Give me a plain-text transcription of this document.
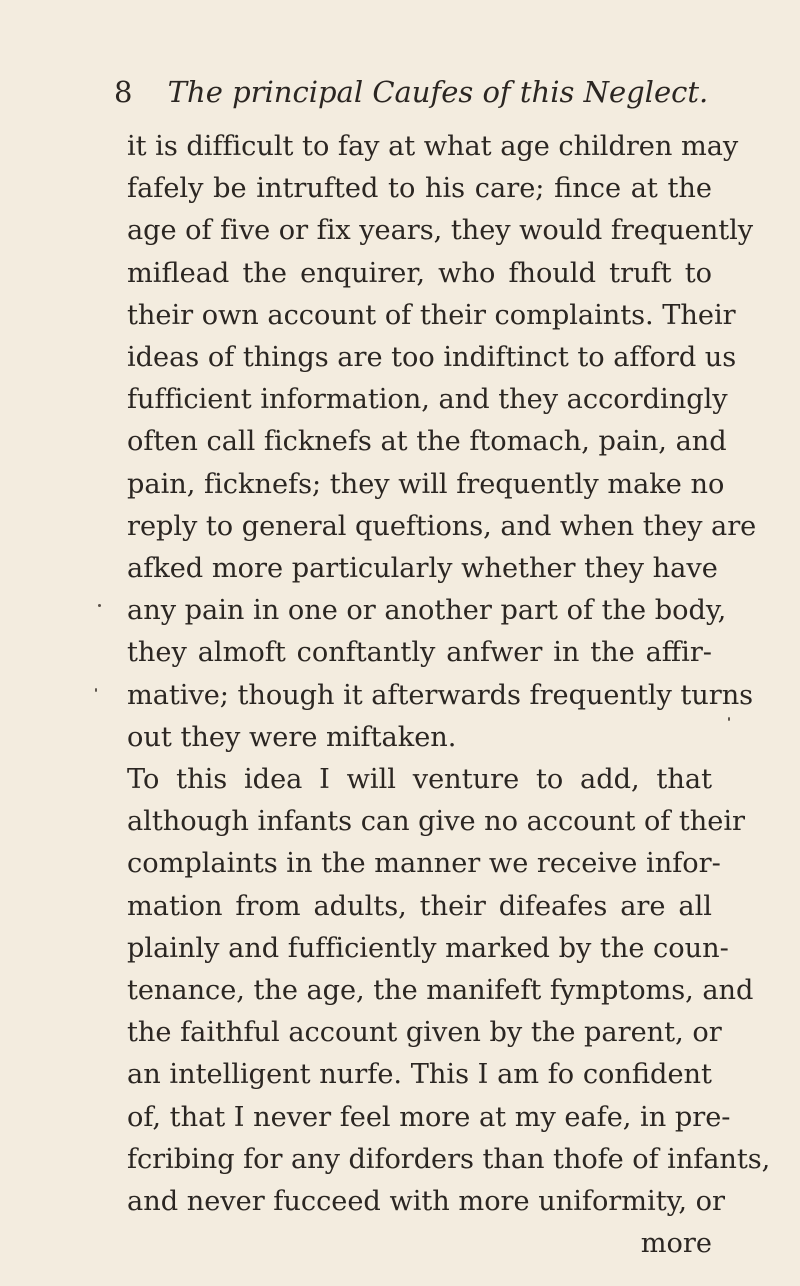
8 The principal Caufes of this Neglect.
it is difficult to fay at what age children may
fafely be intrufted to his care; fince at the
age of five or fix years, they would frequently
miflead the enquirer, who fhould truft to
their own account of their complaints. Their
ideas of things are too indiftinct to afford us
fufficient information, and they accordingly
often call ficknefs at the ftomach, pain, and
pain, ficknefs; they will frequently make no
reply to general queftions, and when they are
afked more particularly whether they have
any pain in one or another part of the body,
they almoft conftantly anfwer in the affir-
mative; though it afterwards frequently turns
out they were miftaken.
To this idea I will venture to add, that
although infants can give no account of their
complaints in the manner we receive infor-
mation from adults, their difeafes are all
plainly and fufficiently marked by the coun-
tenance, the age, the manifeft fymptoms, and
the faithful account given by the parent, or
an intelligent nurfe. This I am fo confident
of, that I never feel more at my eafe, in pre-
fcribing for any diforders than thofe of infants,
and never fucceed with more uniformity, or
more
